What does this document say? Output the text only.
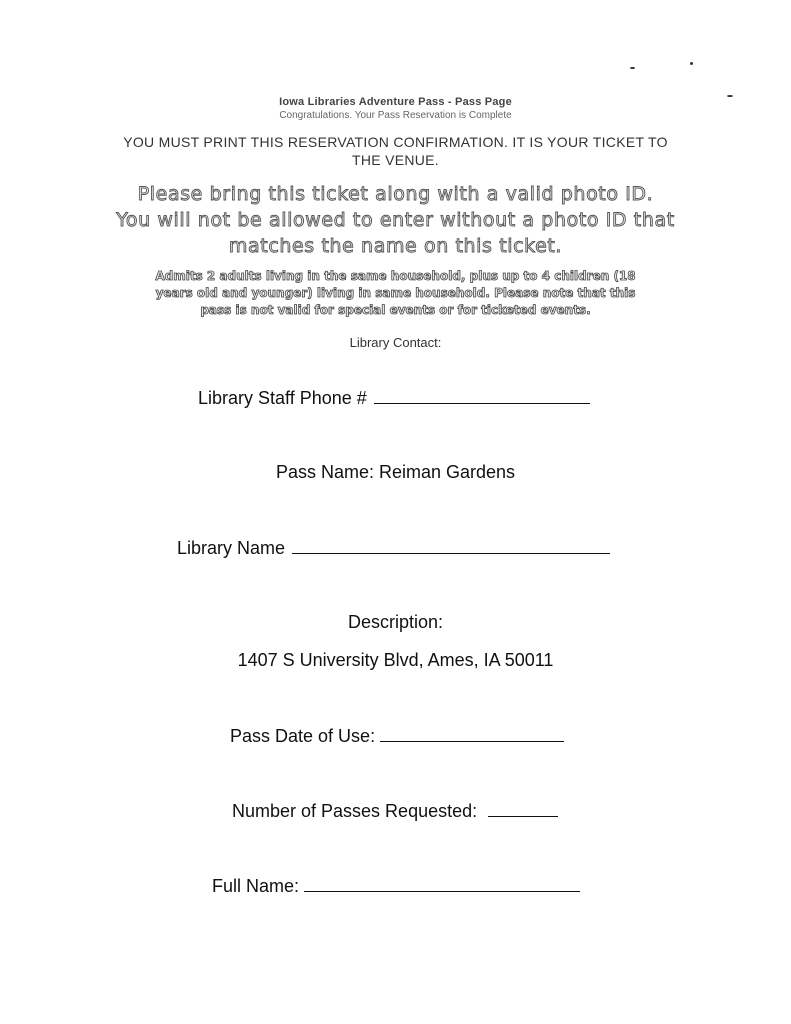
Iowa Libraries Adventure Pass - Pass Page
Congratulations. Your Pass Reservation is Complete
YOU MUST PRINT THIS RESERVATION CONFIRMATION. IT IS YOUR TICKET TO
THE VENUE.
Please bring this ticket along with a valid photo ID.
You will not be allowed to enter without a photo ID that
matches the name on this ticket.
Admits 2 adults living in the same household, plus up to 4 children (18
years old and younger) living in same household. Please note that this
pass is not valid for special events or for ticketed events.
Library Contact:
Library Staff Phone #
Pass Name: Reiman Gardens
Library Name
Description:
1407 S University Blvd, Ames, IA 50011
Pass Date of Use:
Number of Passes Requested:
Full Name:
